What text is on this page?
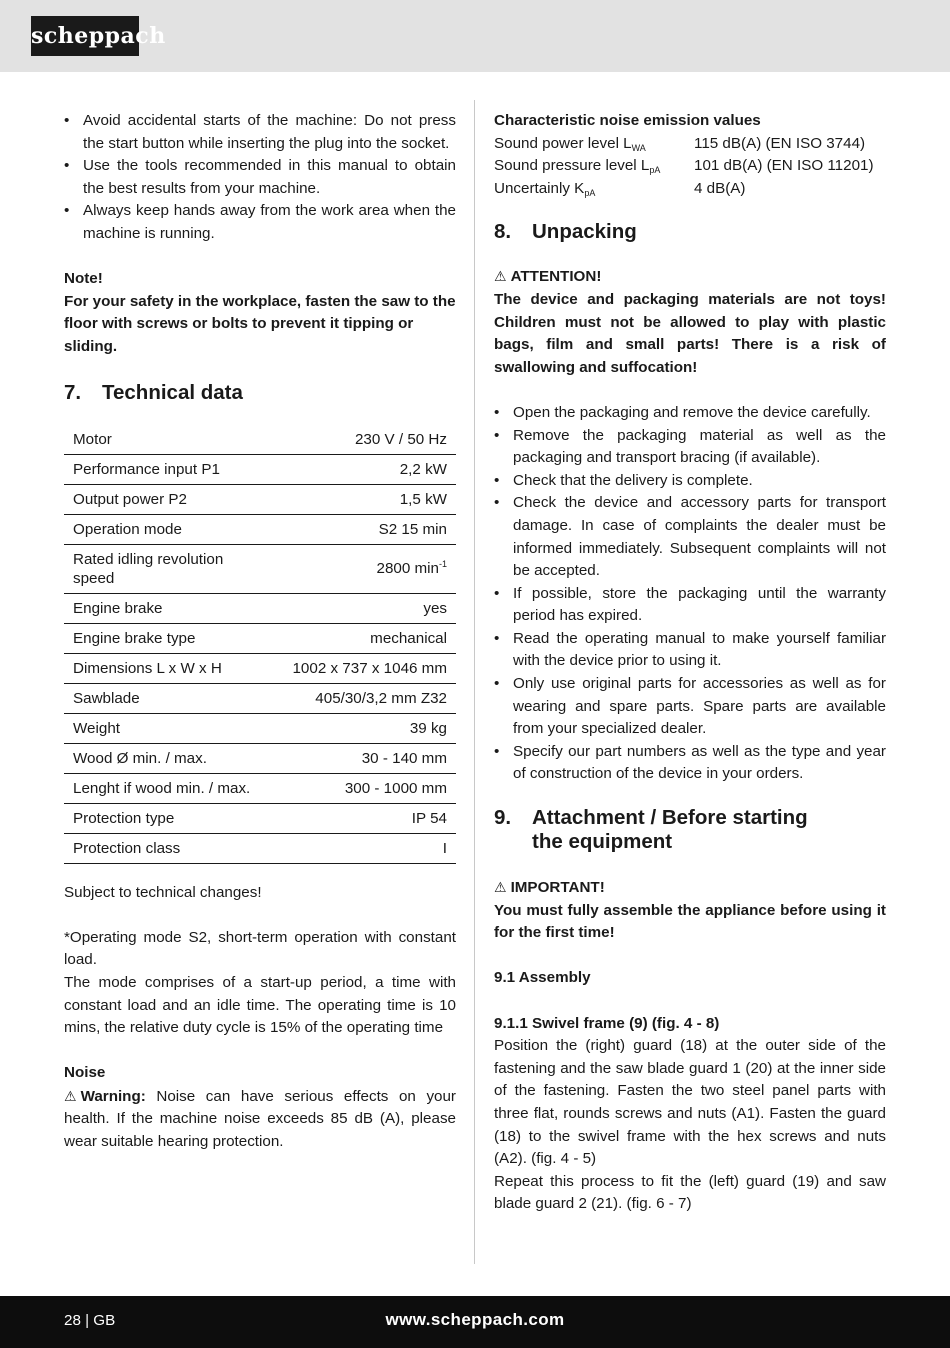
scheppach
• Avoid accidental starts of the machine: Do not press the start button while inserting the plug into the socket.
• Use the tools recommended in this manual to obtain the best results from your machine.
• Always keep hands away from the work area when the machine is running.

Note!

For your safety in the workplace, fasten the saw to the floor with screws or bolts to prevent it tipping or sliding.

7. Technical data
Motor	230 V / 50 Hz
Performance input P1	2,2 kW
Output power P2	1,5 kW
Operation mode	S2 15 min
Rated idling revolution speed	2800 $\min^{-1}$
Engine brake	yes
Engine brake type	mechanical
Dimensions L x W x H	1002 x 737 x 1046 mm
Sawblade	405/30/3,2 mm Z32
Weight	39 kg
Wood Ø min. / max.	30 - 140 mm
Lenght if wood min. / max.	300 - 1000 mm
Protection type	IP 54
Protection class	I

Subject to technical changes!

*Operating mode S2, short-term operation with constant load.

The mode comprises of a start-up period, a time with constant load and an idle time. The operating time is 10 mins, the relative duty cycle is 15% of the operating time

Noise

⚠ Warning: Noise can have serious effects on your health. If the machine noise exceeds 85 dB (A), please wear suitable hearing protection.

Characteristic noise emission values

Sound power level $L_{WA}$	115 dB(A) (EN ISO 3744)
Sound pressure level $L_{pA}$	101 dB(A) (EN ISO 11201)
Uncertainly $K_{pA}$	4 dB(A)
8. Unpacking

⚠ ATTENTION!

The device and packaging materials are not toys! Children must not be allowed to play with plastic bags, film and small parts! There is a risk of swallowing and suffocation!

• Open the packaging and remove the device carefully.
• Remove the packaging material as well as the packaging and transport bracing (if available).
• Check that the delivery is complete.
• Check the device and accessory parts for transport damage. In case of complaints the dealer must be informed immediately. Subsequent complaints will not be accepted.
• If possible, store the packaging until the warranty period has expired.
• Read the operating manual to make yourself familiar with the device prior to using it.
• Only use original parts for accessories as well as for wearing and spare parts. Spare parts are available from your specialized dealer.
• Specify our part numbers as well as the type and year of construction of the device in your orders.
9. Attachment / Before starting
the equipment

⚠ IMPORTANT!

You must fully assemble the appliance before using it for the first time!

9.1 Assembly

9.1.1 Swivel frame (9) (fig. 4 - 8)

Position the (right) guard (18) at the outer side of the fastening and the saw blade guard 1 (20) at the inner side of the fastening. Fasten the two steel panel parts with three flat, rounds screws and nuts (A1). Fasten the guard (18) to the swivel frame with the hex screws and nuts (A2). (fig. 4 - 5)

Repeat this process to fit the (left) guard (19) and saw blade guard 2 (21). (fig. 6 - 7)

28 | GB	www.scheppach.com
